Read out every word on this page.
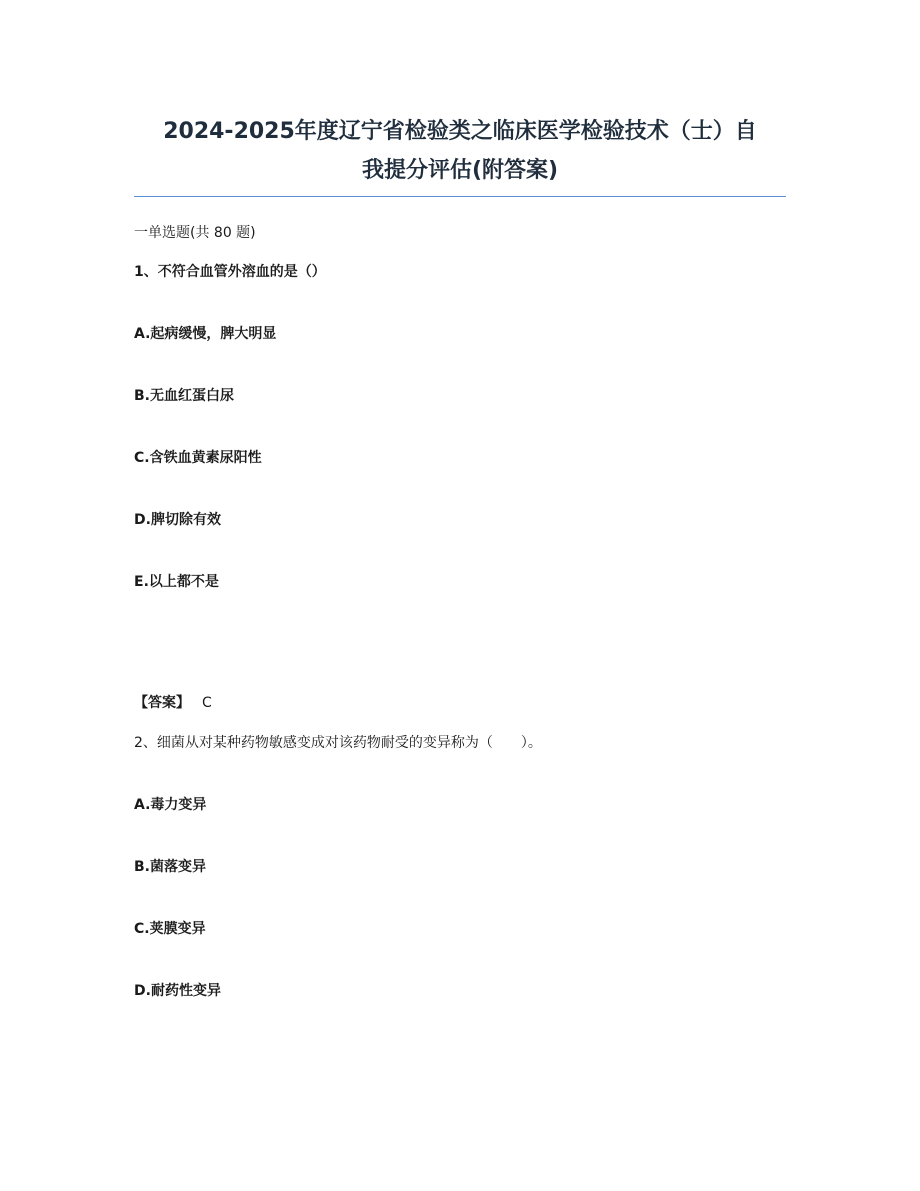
2024-2025年度辽宁省检验类之临床医学检验技术（士）自
我提分评估(附答案)
一单选题(共 80 题)
1、不符合血管外溶血的是（）
A.起病缓慢，脾大明显
B.无血红蛋白尿
C.含铁血黄素尿阳性
D.脾切除有效
E.以上都不是
【答案】 C
2、细菌从对某种药物敏感变成对该药物耐受的变异称为（　　）。
A.毒力变异
B.菌落变异
C.荚膜变异
D.耐药性变异
